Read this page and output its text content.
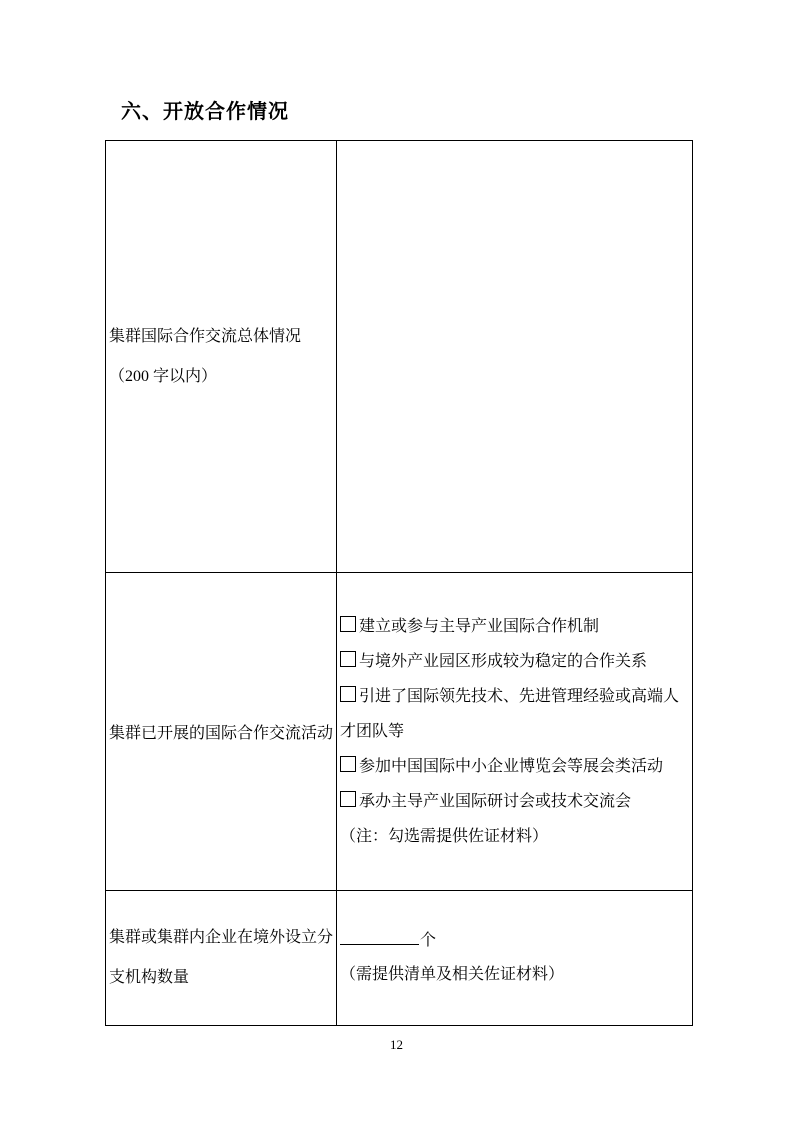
六、开放合作情况
集群国际合作交流总体情况
（200 字以内）	

集群已开展的国际合作交流活动

建立或参与主导产业国际合作机制
与境外产业园区形成较为稳定的合作关系
引进了国际领先技术、先进管理经验或高端人才团队等
参加中国国际中小企业博览会等展会类活动
承办主导产业国际研讨会或技术交流会
（注：勾选需提供佐证材料）

集群或集群内企业在境外设立分支机构数量	个
（需提供清单及相关佐证材料）
12
